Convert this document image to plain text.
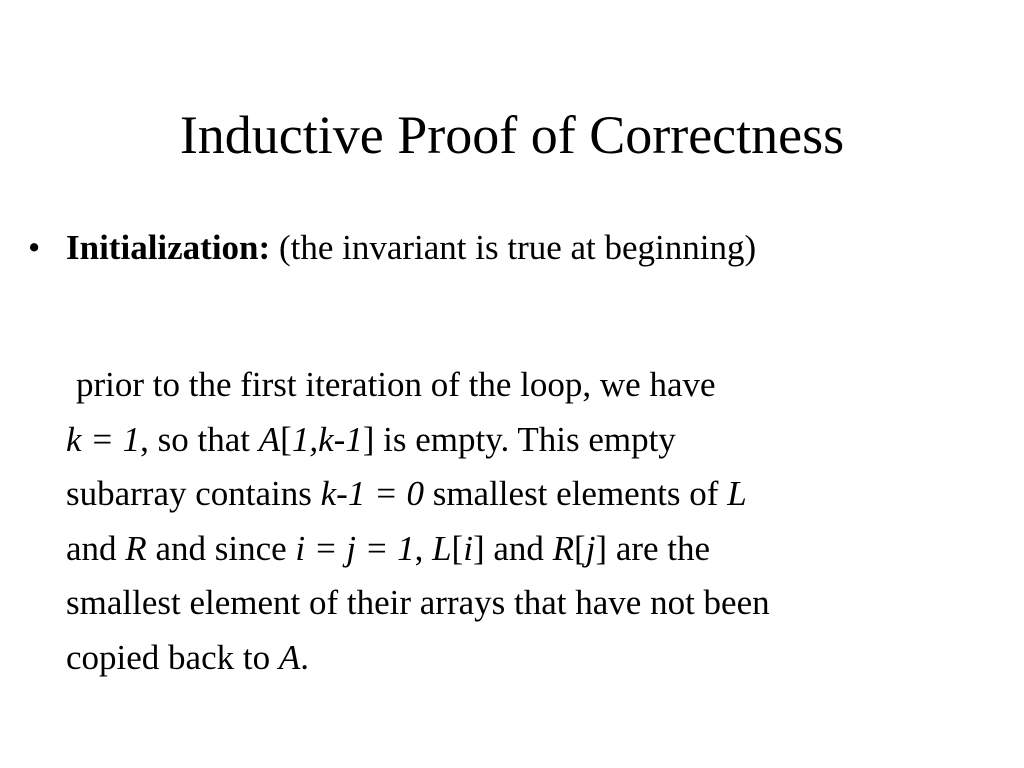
Inductive Proof of Correctness
• Initialization: (the invariant is true at beginning)
prior to the first iteration of the loop, we have
k = 1, so that A[1,k-1] is empty. This empty
subarray contains k-1 = 0 smallest elements of L
and R and since i = j = 1, L[i] and R[j] are the
smallest element of their arrays that have not been
copied back to A.
